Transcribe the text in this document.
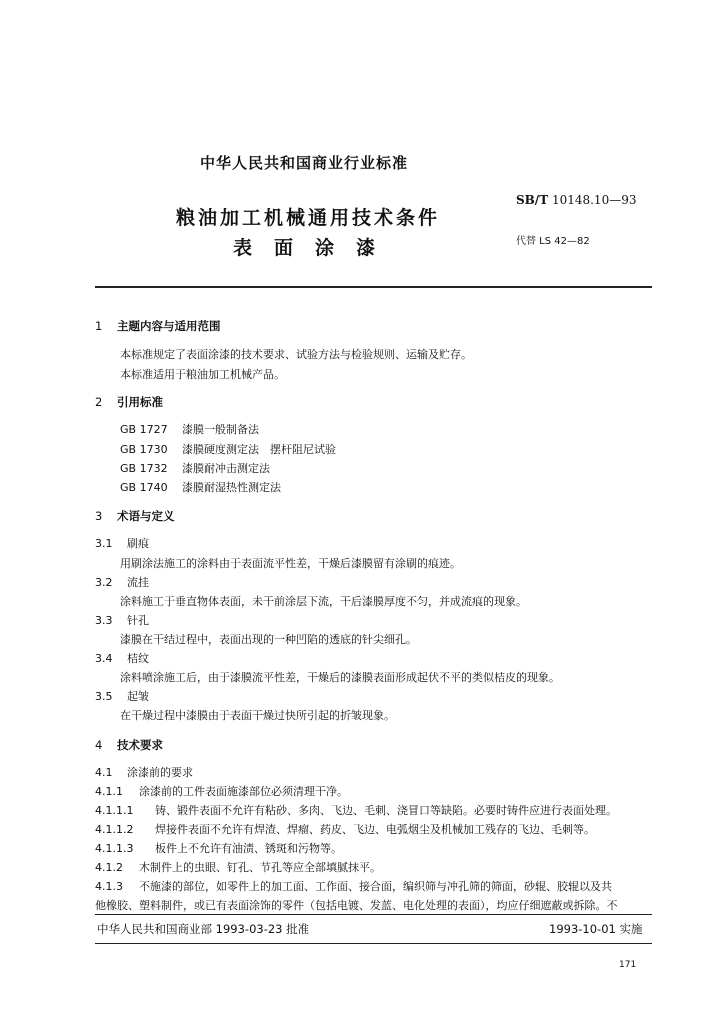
中华人民共和国商业行业标准
粮油加工机械通用技术条件
表面涂漆
SB/T 10148.10—93
代替 LS 42—82
1 主题内容与适用范围
本标准规定了表面涂漆的技术要求、试验方法与检验规则、运输及贮存。
本标准适用于粮油加工机械产品。
2 引用标准
GB 1727 漆膜一般制备法
GB 1730 漆膜硬度测定法　摆杆阻尼试验
GB 1732 漆膜耐冲击测定法
GB 1740 漆膜耐湿热性测定法
3 术语与定义
3.1 刷痕
用刷涂法施工的涂料由于表面流平性差，干燥后漆膜留有涂刷的痕迹。
3.2 流挂
涂料施工于垂直物体表面，未干前涂层下流，干后漆膜厚度不匀，并成流痕的现象。
3.3 针孔
漆膜在干结过程中，表面出现的一种凹陷的透底的针尖细孔。
3.4 桔纹
涂料喷涂施工后，由于漆膜流平性差，干燥后的漆膜表面形成起伏不平的类似桔皮的现象。
3.5 起皱
在干燥过程中漆膜由于表面干燥过快所引起的折皱现象。
4 技术要求
4.1 涂漆前的要求
4.1.1 涂漆前的工件表面施漆部位必须清理干净。
4.1.1.1 铸、锻件表面不允许有粘砂、多肉、飞边、毛刺、浇冒口等缺陷。必要时铸件应进行表面处理。
4.1.1.2 焊接件表面不允许有焊渣、焊瘤、药皮、飞边、电弧烟尘及机械加工残存的飞边、毛刺等。
4.1.1.3 板件上不允许有油渍、锈斑和污物等。
4.1.2 木制件上的虫眼、钉孔、节孔等应全部填腻抹平。
4.1.3 不施漆的部位，如零件上的加工面、工作面、接合面，编织筛与冲孔筛的筛面，砂辊、胶辊以及共
他橡胶、塑料制件，或已有表面涂饰的零件（包括电镀、发蓝、电化处理的表面），均应仔细遮蔽或拆除。不
中华人民共和国商业部 1993-03-23 批准	1993-10-01 实施
171
